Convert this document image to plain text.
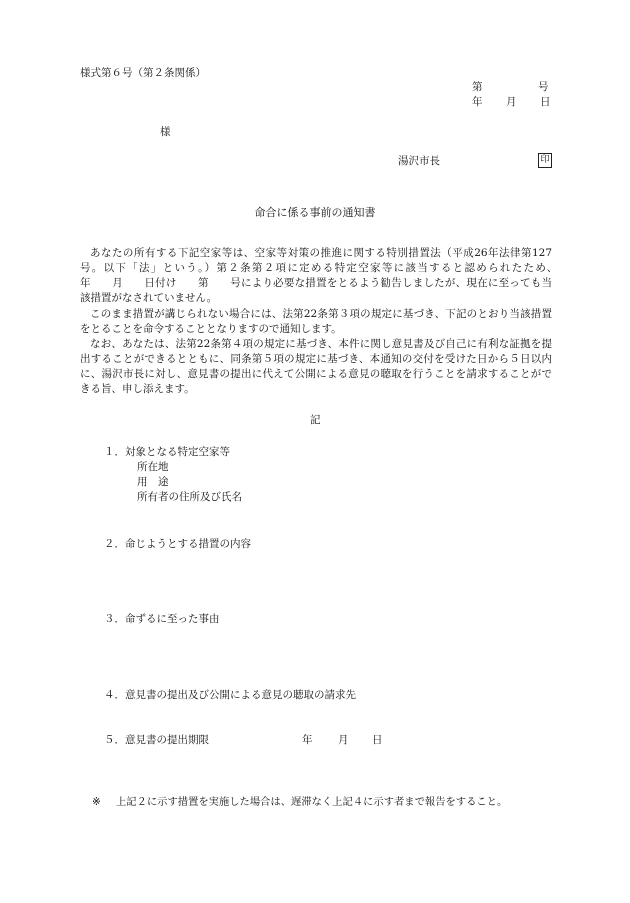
様式第６号（第２条関係）
第	号
年 月 日
様
湯沢市長	印
命合に係る事前の通知書
あなたの所有する下記空家等は、空家等対策の推進に関する特別措置法（平成26年法律第127号。以下「法」という。）第２条第２項に定める特定空家等に該当すると認められたため、　　　　年　　月　　日付け　　第　　号により必要な措置をとるよう勧告しましたが、現在に至っても当該措置がなされていません。
このまま措置が講じられない場合には、法第22条第３項の規定に基づき、下記のとおり当該措置をとることを命令することとなりますので通知します。
なお、あなたは、法第22条第４項の規定に基づき、本件に関し意見書及び自己に有利な証拠を提出することができるとともに、同条第５項の規定に基づき、本通知の交付を受けた日から５日以内に、湯沢市長に対し、意見書の提出に代えて公開による意見の聴取を行うことを請求することができる旨、申し添えます。
記
１． 対象となる特定空家等
所在地
用　途
所有者の住所及び氏名
２． 命じようとする措置の内容
３． 命ずるに至った事由
４． 意見書の提出及び公開による意見の聴取の請求先
５． 意見書の提出期限	年 月 日
※ 上記２に示す措置を実施した場合は、遅滞なく上記４に示す者まで報告をすること。
